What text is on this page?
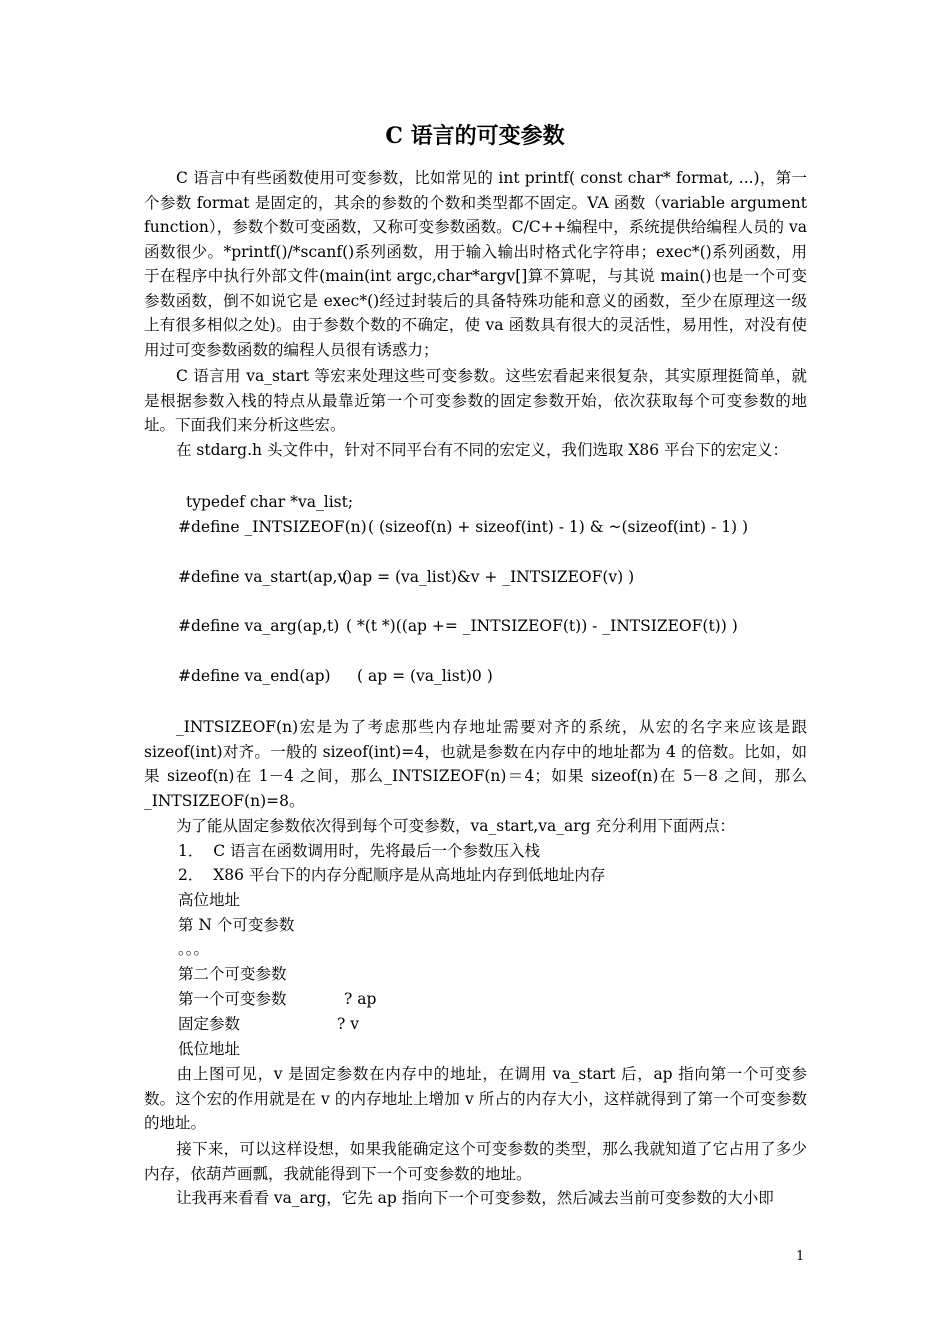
C 语言的可变参数

C 语言中有些函数使用可变参数，比如常见的 int printf( const char* format, ...)，第一个参数 format 是固定的，其余的参数的个数和类型都不固定。VA 函数（variable argument function），参数个数可变函数，又称可变参数函数。C/C++编程中，系统提供给编程人员的 va 函数很少。*printf()/*scanf()系列函数，用于输入输出时格式化字符串；exec*()系列函数，用于在程序中执行外部文件(main(int argc,char*argv[]算不算呢，与其说 main()也是一个可变参数函数，倒不如说它是 exec*()经过封装后的具备特殊功能和意义的函数，至少在原理这一级上有很多相似之处)。由于参数个数的不确定，使 va 函数具有很大的灵活性，易用性，对没有使用过可变参数函数的编程人员很有诱惑力；

C 语言用 va_start 等宏来处理这些可变参数。这些宏看起来很复杂，其实原理挺简单，就是根据参数入栈的特点从最靠近第一个可变参数的固定参数开始，依次获取每个可变参数的地址。下面我们来分析这些宏。

在 stdarg.h 头文件中，针对不同平台有不同的宏定义，我们选取 X86 平台下的宏定义：

typedef char * va_list;
#define _INTSIZEOF(n) ( (sizeof(n) + sizeof(int) - 1) & ~(sizeof(int) - 1) )
#define va_start(ap,v)
( ap = (va_list)&v + _INTSIZEOF(v) )
#define va_arg(ap,t) ( *(t *)((ap += _INTSIZEOF(t)) - _INTSIZEOF(t)) )
#define va_end(ap) ( ap = (va_list)0 )

_INTSIZEOF(n)宏是为了考虑那些内存地址需要对齐的系统，从宏的名字来应该是跟 sizeof(int)对齐。一般的 sizeof(int)=4，也就是参数在内存中的地址都为 4 的倍数。比如，如果 sizeof(n)在 1－4 之间，那么_INTSIZEOF(n)＝4；如果 sizeof(n)在 5－8 之间，那么_INTSIZEOF(n)=8。

为了能从固定参数依次得到每个可变参数，va_start,va_arg 充分利用下面两点：

1．  C 语言在函数调用时，先将最后一个参数压入栈
2．  X86 平台下的内存分配顺序是从高地址内存到低地址内存
高位地址
第 N 个可变参数
。。。
第二个可变参数
第一个可变参数	? ap
固定参数	? v
低位地址

由上图可见，v 是固定参数在内存中的地址，在调用 va_start 后，ap 指向第一个可变参数。这个宏的作用就是在 v 的内存地址上增加 v 所占的内存大小，这样就得到了第一个可变参数的地址。

接下来，可以这样设想，如果我能确定这个可变参数的类型，那么我就知道了它占用了多少内存，依葫芦画瓢，我就能得到下一个可变参数的地址。

让我再来看看 va_arg，它先 ap 指向下一个可变参数，然后减去当前可变参数的大小即

1
